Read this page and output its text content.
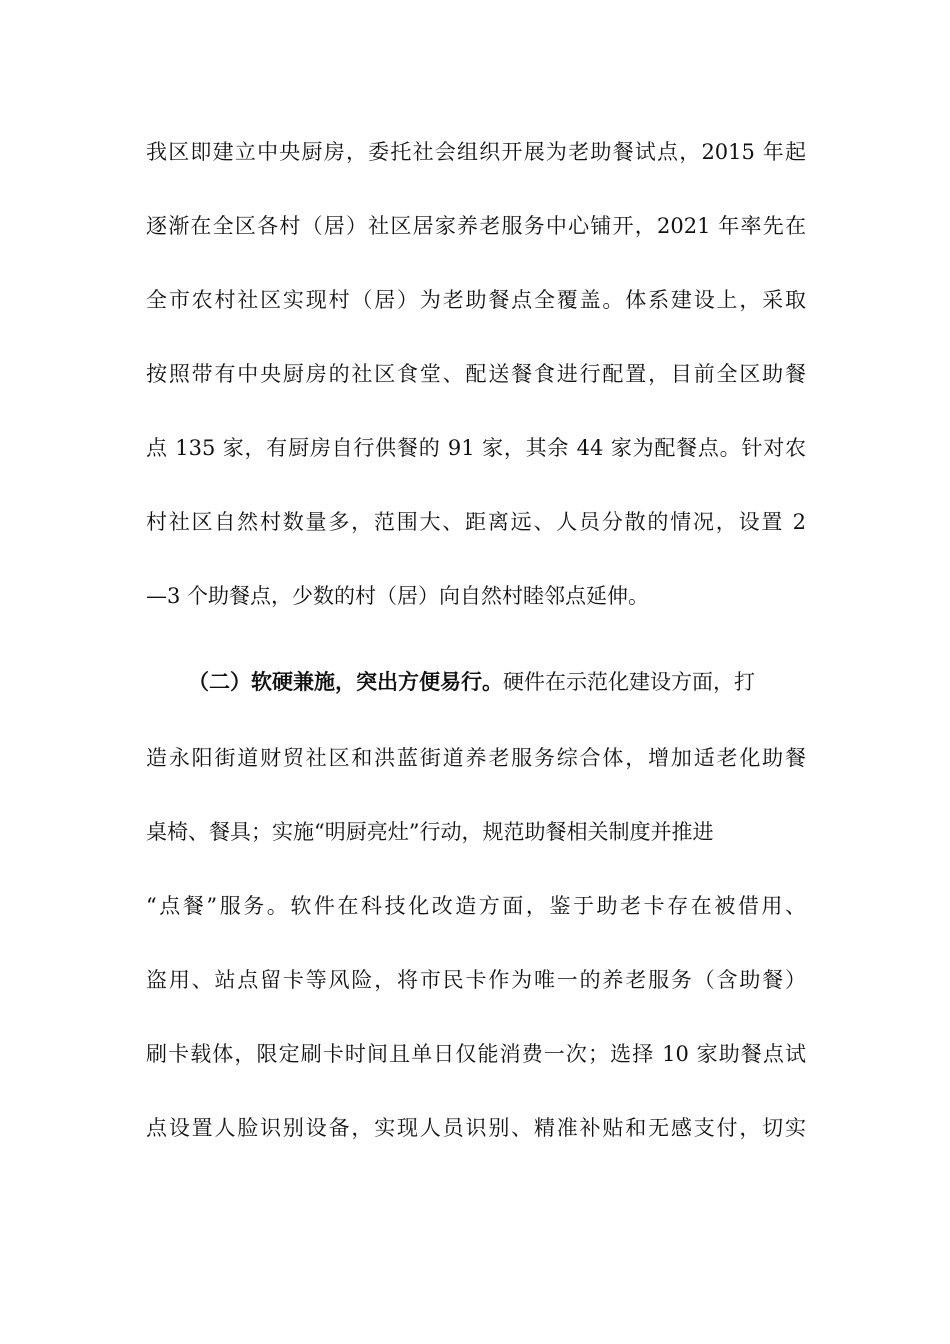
我区即建立中央厨房，委托社会组织开展为老助餐试点，2015 年起
逐渐在全区各村（居）社区居家养老服务中心铺开，2021 年率先在
全市农村社区实现村（居）为老助餐点全覆盖。体系建设上，采取
按照带有中央厨房的社区食堂、配送餐食进行配置，目前全区助餐
点 135 家，有厨房自行供餐的 91 家，其余 44 家为配餐点。针对农
村社区自然村数量多，范围大、距离远、人员分散的情况，设置 2
—3 个助餐点，少数的村（居）向自然村睦邻点延伸。
（二）软硬兼施，突出方便易行。硬件在示范化建设方面，打
造永阳街道财贸社区和洪蓝街道养老服务综合体，增加适老化助餐
桌椅、餐具；实施“明厨亮灶”行动，规范助餐相关制度并推进
“点餐”服务。软件在科技化改造方面，鉴于助老卡存在被借用、
盗用、站点留卡等风险，将市民卡作为唯一的养老服务（含助餐）
刷卡载体，限定刷卡时间且单日仅能消费一次；选择 10 家助餐点试
点设置人脸识别设备，实现人员识别、精准补贴和无感支付，切实
